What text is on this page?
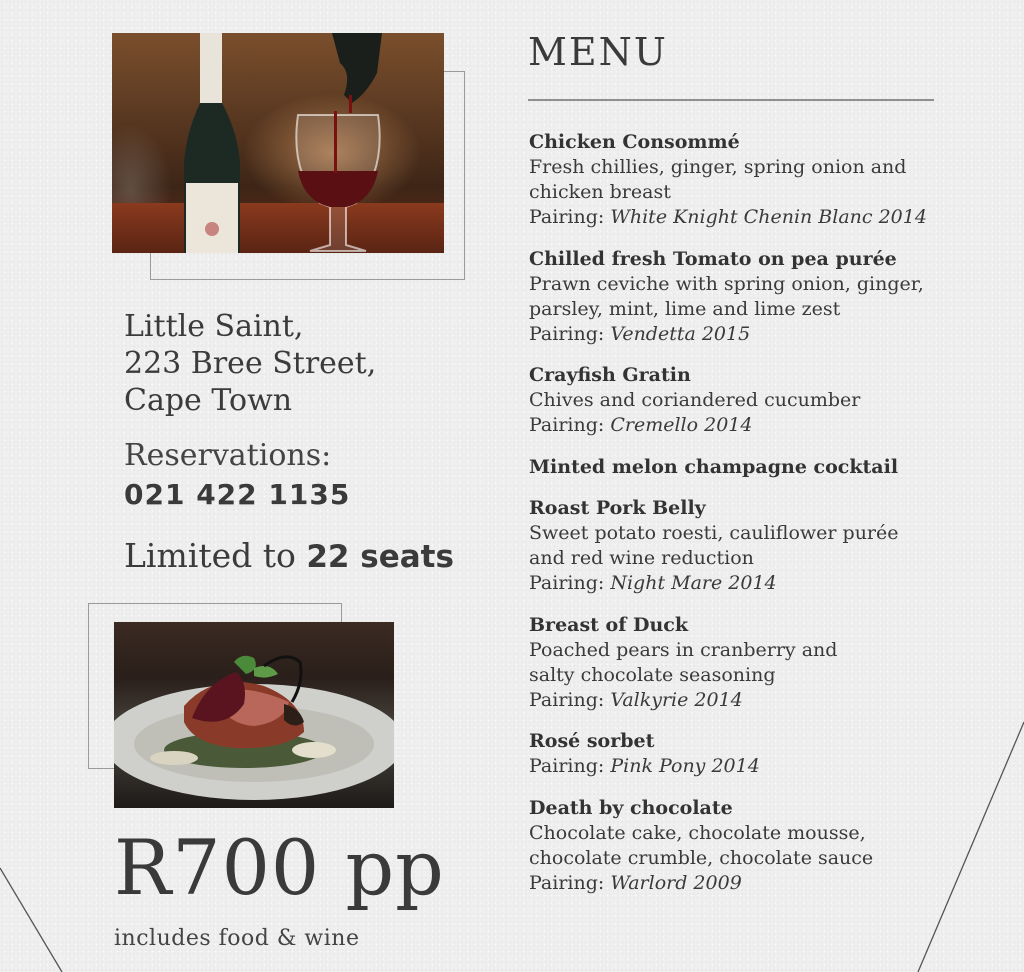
Little Saint,
223 Bree Street,
Cape Town
Reservations:
021 422 1135
Limited to 22 seats
R700 pp
includes food & wine
MENU
Chicken Consommé
Fresh chillies, ginger, spring onion and
chicken breast
Pairing: White Knight Chenin Blanc 2014
Chilled fresh Tomato on pea purée
Prawn ceviche with spring onion, ginger,
parsley, mint, lime and lime zest
Pairing: Vendetta 2015
Crayfish Gratin
Chives and coriandered cucumber
Pairing: Cremello 2014
Minted melon champagne cocktail
Roast Pork Belly
Sweet potato roesti, cauliflower purée
and red wine reduction
Pairing: Night Mare 2014
Breast of Duck
Poached pears in cranberry and
salty chocolate seasoning
Pairing: Valkyrie 2014
Rosé sorbet
Pairing: Pink Pony 2014
Death by chocolate
Chocolate cake, chocolate mousse,
chocolate crumble, chocolate sauce
Pairing: Warlord 2009
